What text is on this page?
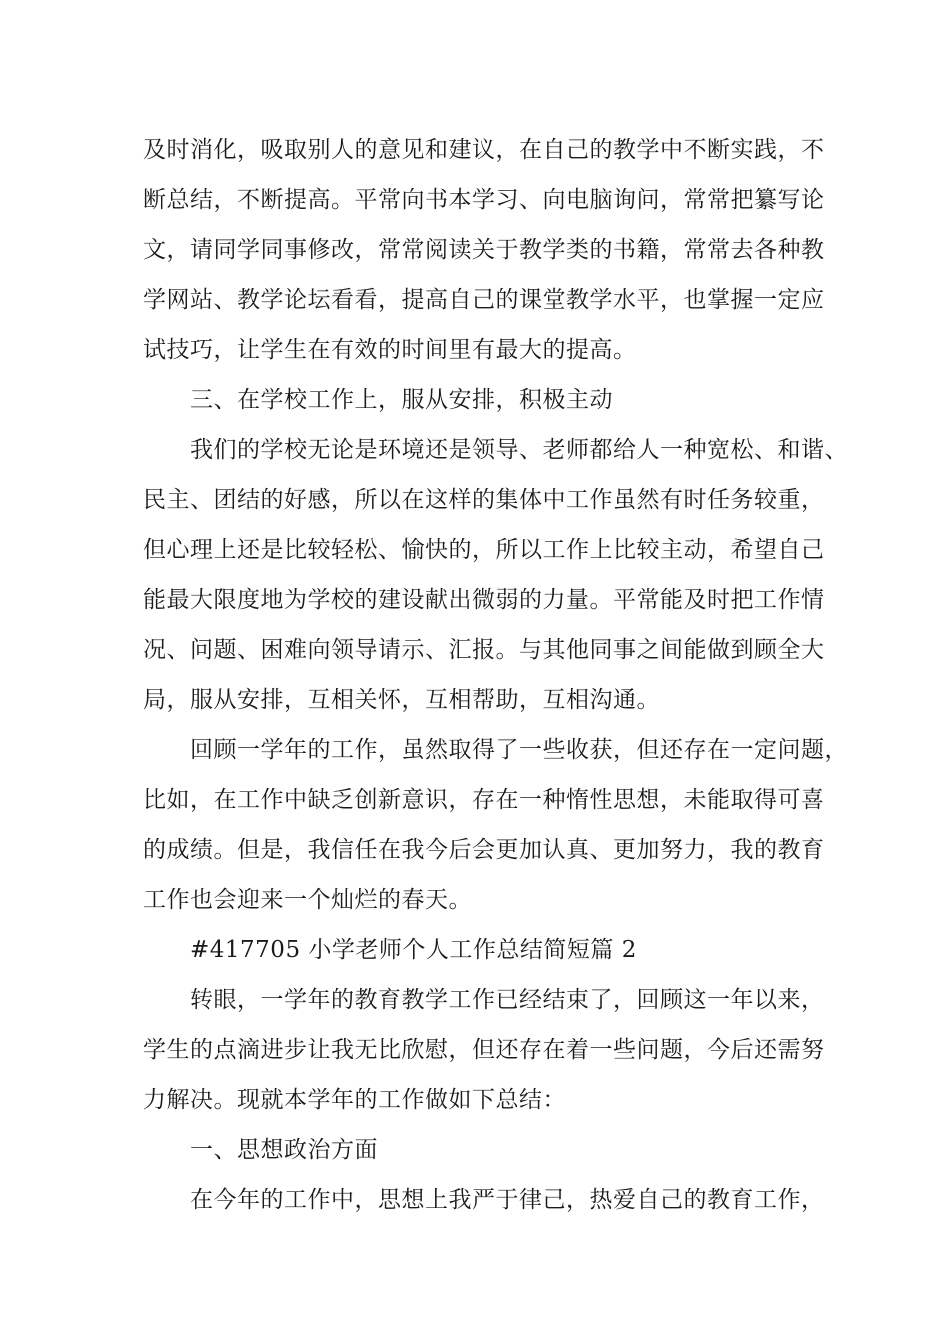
及时消化，吸取别人的意见和建议，在自己的教学中不断实践，不
断总结，不断提高。平常向书本学习、向电脑询问，常常把纂写论
文，请同学同事修改，常常阅读关于教学类的书籍，常常去各种教
学网站、教学论坛看看，提高自己的课堂教学水平，也掌握一定应
试技巧，让学生在有效的时间里有最大的提高。
三、在学校工作上，服从安排，积极主动
我们的学校无论是环境还是领导、老师都给人一种宽松、和谐、
民主、团结的好感，所以在这样的集体中工作虽然有时任务较重，
但心理上还是比较轻松、愉快的，所以工作上比较主动，希望自己
能最大限度地为学校的建设献出微弱的力量。平常能及时把工作情
况、问题、困难向领导请示、汇报。与其他同事之间能做到顾全大
局，服从安排，互相关怀，互相帮助，互相沟通。
回顾一学年的工作，虽然取得了一些收获，但还存在一定问题，
比如，在工作中缺乏创新意识，存在一种惰性思想，未能取得可喜
的成绩。但是，我信任在我今后会更加认真、更加努力，我的教育
工作也会迎来一个灿烂的春天。
#417705 小学老师个人工作总结简短篇 2
转眼，一学年的教育教学工作已经结束了，回顾这一年以来，
学生的点滴进步让我无比欣慰，但还存在着一些问题，今后还需努
力解决。现就本学年的工作做如下总结：
一、思想政治方面
在今年的工作中，思想上我严于律己，热爱自己的教育工作，
